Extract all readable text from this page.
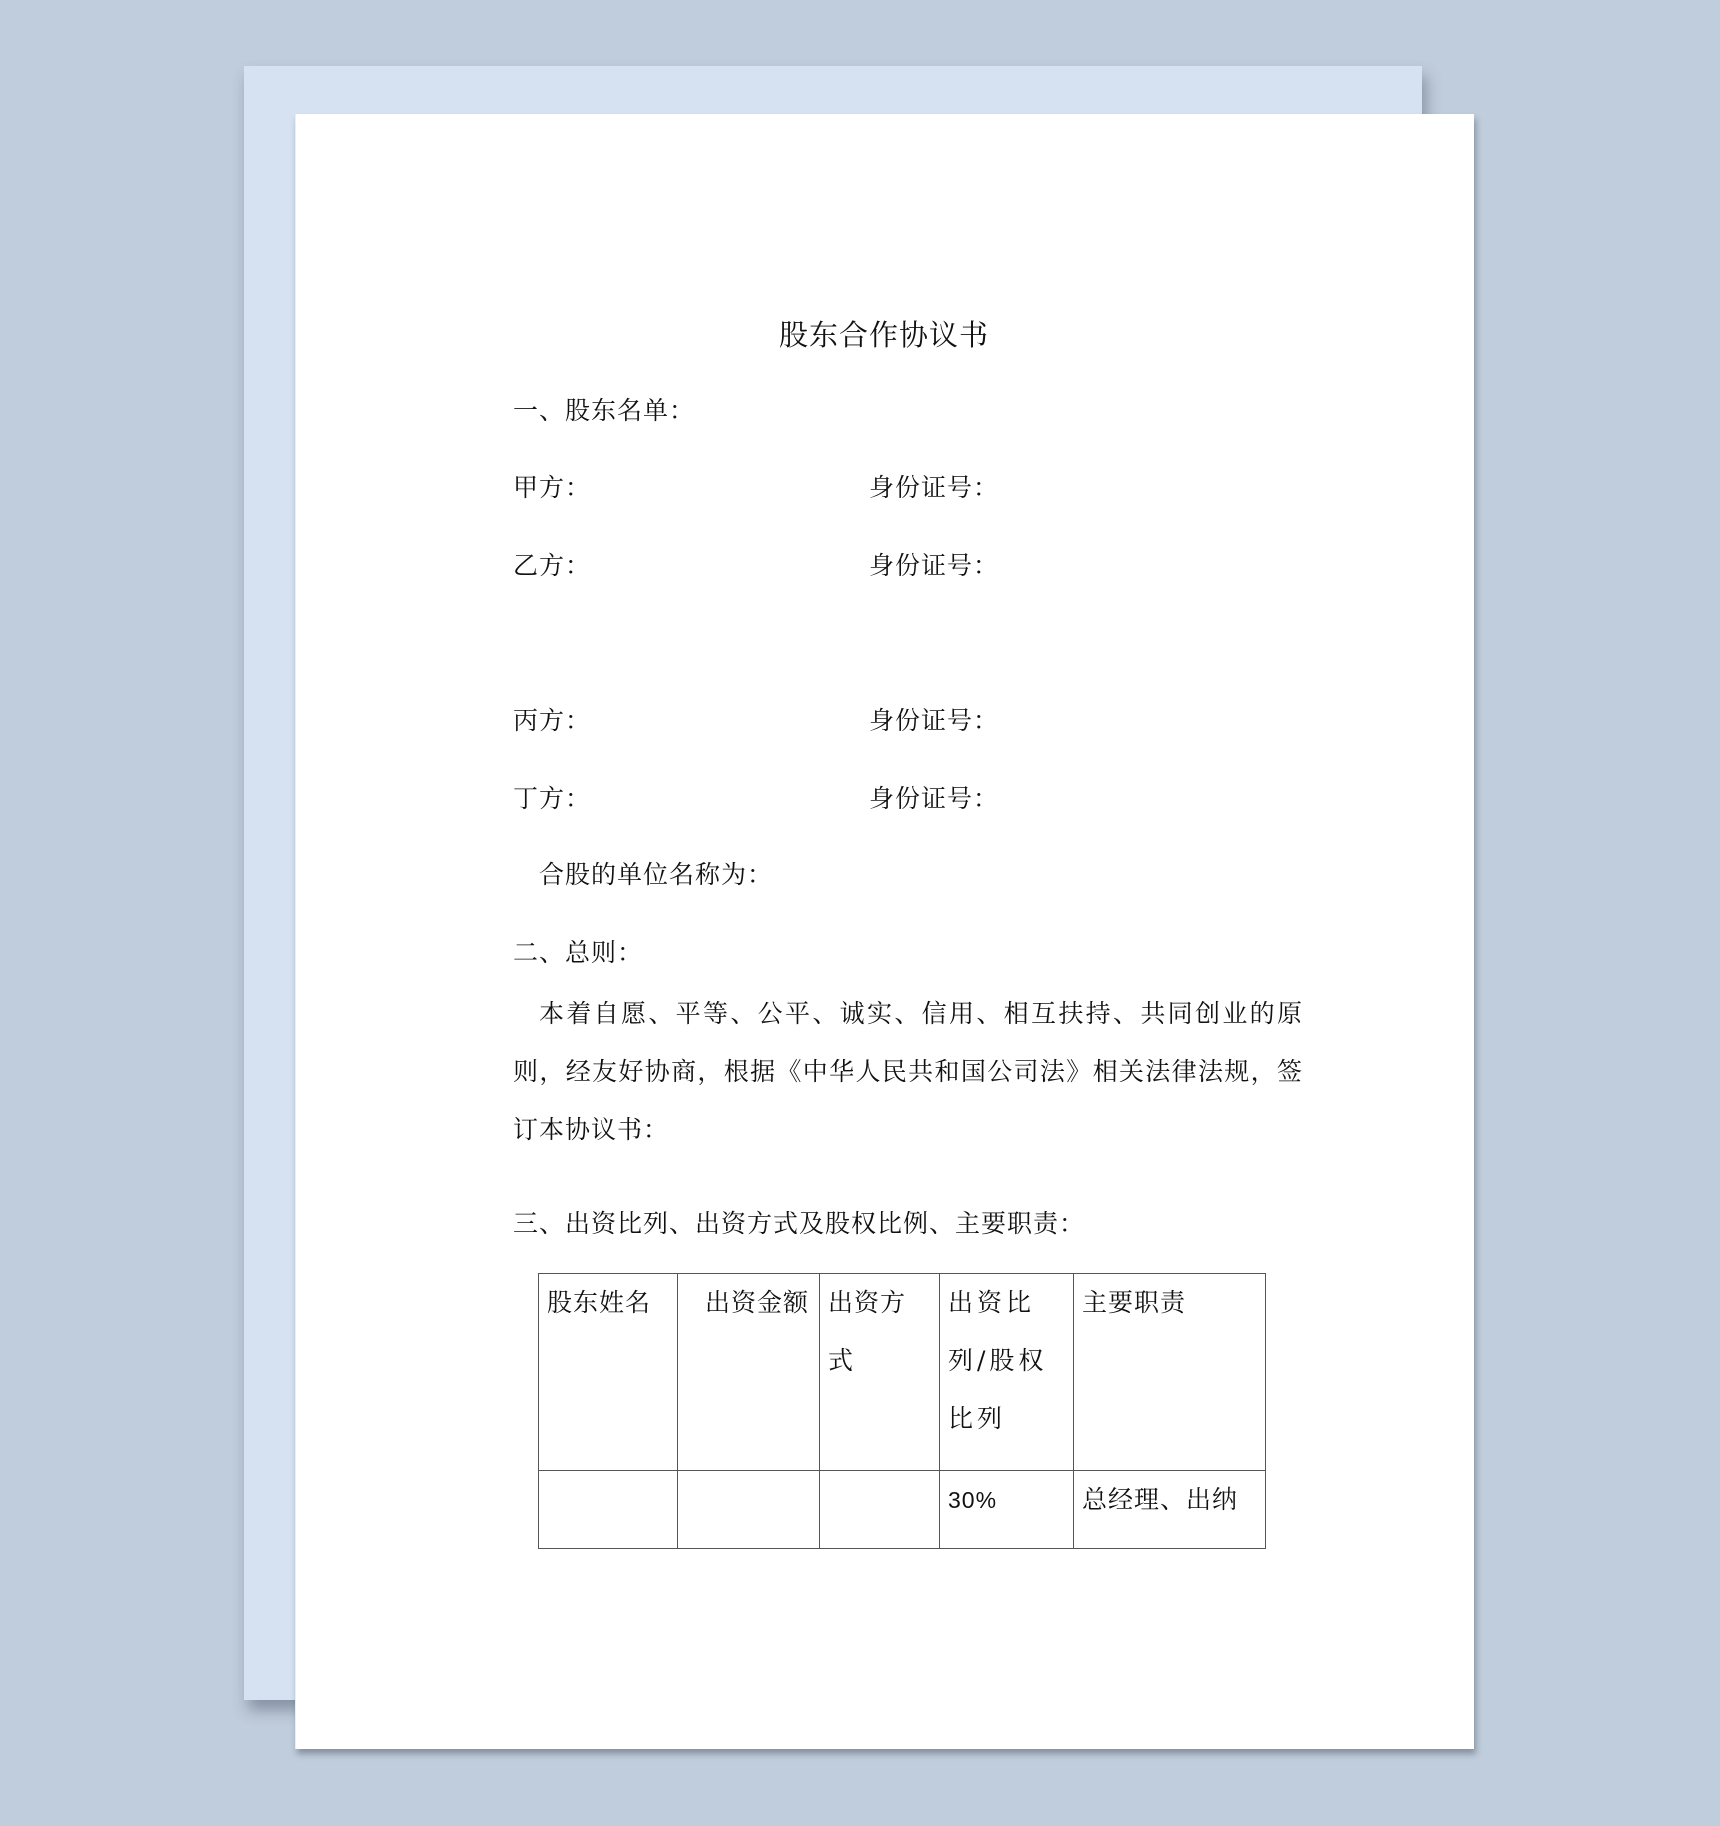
股东合作协议书
一、股东名单：
甲方：	身份证号：
乙方：	身份证号：
丙方：	身份证号：
丁方：	身份证号：
合股的单位名称为：
二、总则：
本着自愿、平等、公平、诚实、信用、相互扶持、共同创业的原则，经友好协商，根据《中华人民共和国公司法》相关法律法规，签订本协议书：
三、出资比列、出资方式及股权比例、主要职责：
股东姓名	出资金额	出资方式	出资比列/股权比列	主要职责
			30%	总经理、出纳
